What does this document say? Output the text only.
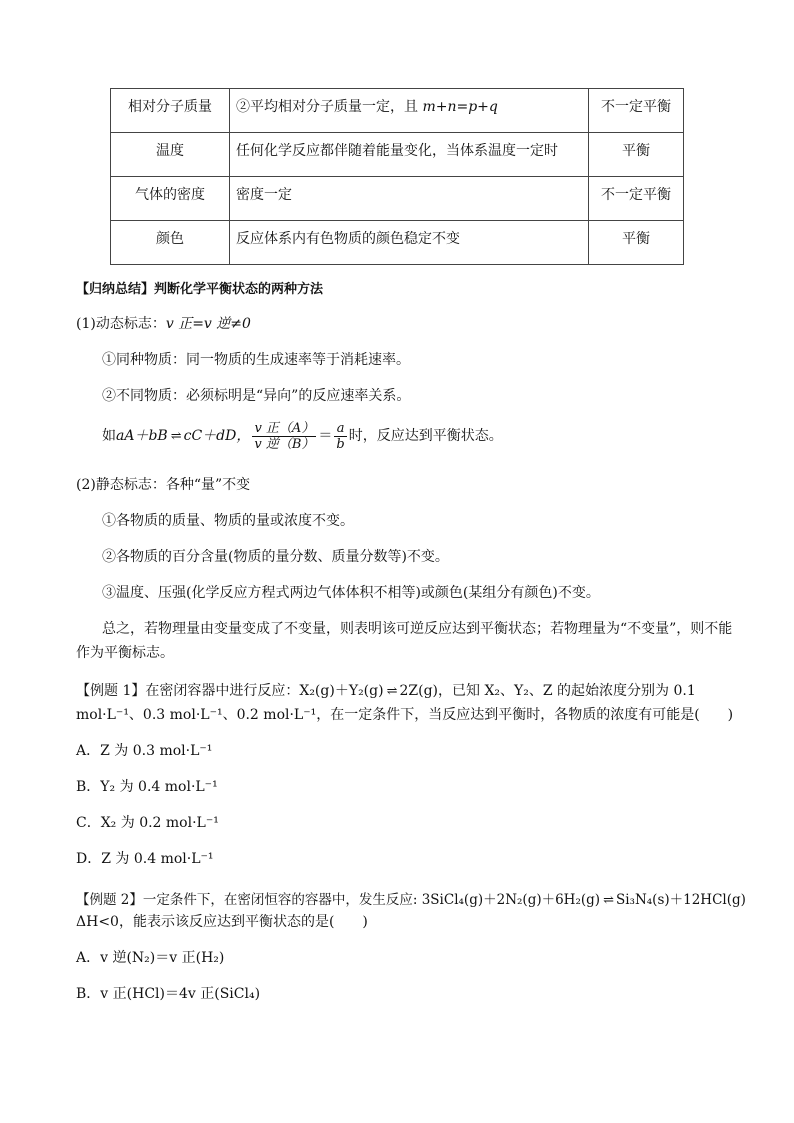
相对分子质量	②平均相对分子质量一定，且 m+n=p+q	不一定平衡
温度	任何化学反应都伴随着能量变化，当体系温度一定时	平衡
气体的密度	密度一定	不一定平衡
颜色	反应体系内有色物质的颜色稳定不变	平衡
【归纳总结】判断化学平衡状态的两种方法
(1)动态标志：v 正=v 逆≠0
①同种物质：同一物质的生成速率等于消耗速率。
②不同物质：必须标明是“异向”的反应速率关系。
如aA＋bB ⇌ cC＋dD， $\frac{\text{v 正（A）}}{\text{v 逆（B）}} = \frac{a}{b}$ 时，反应达到平衡状态。
(2)静态标志：各种“量”不变
①各物质的质量、物质的量或浓度不变。
②各物质的百分含量(物质的量分数、质量分数等)不变。
③温度、压强(化学反应方程式两边气体体积不相等)或颜色(某组分有颜色)不变。
总之，若物理量由变量变成了不变量，则表明该可逆反应达到平衡状态；若物理量为“不变量”，则不能
作为平衡标志。
【例题 1】在密闭容器中进行反应：X₂(g)＋Y₂(g) ⇌ 2Z(g)，已知 X₂、Y₂、Z 的起始浓度分别为 0.1
mol·L⁻¹、0.3 mol·L⁻¹、0.2 mol·L⁻¹，在一定条件下，当反应达到平衡时，各物质的浓度有可能是(　　)
A．Z 为 0.3 mol·L⁻¹
B．Y₂ 为 0.4 mol·L⁻¹
C．X₂ 为 0.2 mol·L⁻¹
D．Z 为 0.4 mol·L⁻¹
【例题 2】一定条件下，在密闭恒容的容器中，发生反应: 3SiCl₄(g)＋2N₂(g)＋6H₂(g) ⇌ Si₃N₄(s)＋12HCl(g)
ΔH<0，能表示该反应达到平衡状态的是(　　)
A．v 逆(N₂)＝v 正(H₂)
B．v 正(HCl)＝4v 正(SiCl₄)
